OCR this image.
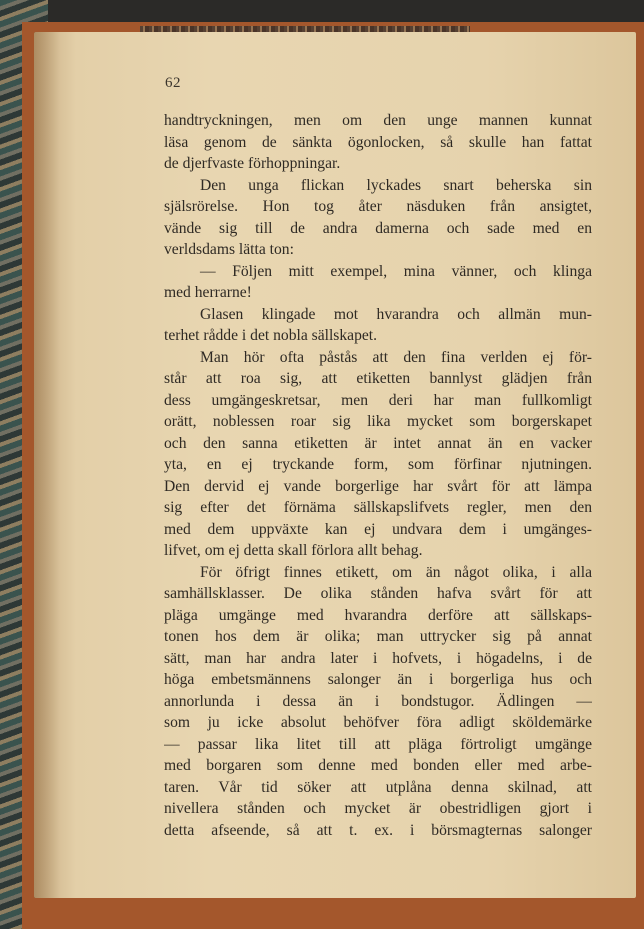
62
handtryckningen, men om den unge mannen kunnat
läsa genom de sänkta ögonlocken, så skulle han fattat
de djerfvaste förhoppningar.
Den unga flickan lyckades snart beherska sin
själsrörelse. Hon tog åter näsduken från ansigtet,
vände sig till de andra damerna och sade med en
verldsdams lätta ton:
— Följen mitt exempel, mina vänner, och klinga
med herrarne!
Glasen klingade mot hvarandra och allmän mun-
terhet rådde i det nobla sällskapet.
Man hör ofta påstås att den fina verlden ej för-
står att roa sig, att etiketten bannlyst glädjen från
dess umgängeskretsar, men deri har man fullkomligt
orätt, noblessen roar sig lika mycket som borgerskapet
och den sanna etiketten är intet annat än en vacker
yta, en ej tryckande form, som förfinar njutningen.
Den dervid ej vande borgerlige har svårt för att lämpa
sig efter det förnäma sällskapslifvets regler, men den
med dem uppväxte kan ej undvara dem i umgänges-
lifvet, om ej detta skall förlora allt behag.
För öfrigt finnes etikett, om än något olika, i alla
samhällsklasser. De olika stånden hafva svårt för att
pläga umgänge med hvarandra derföre att sällskaps-
tonen hos dem är olika; man uttrycker sig på annat
sätt, man har andra later i hofvets, i högadelns, i de
höga embetsmännens salonger än i borgerliga hus och
annorlunda i dessa än i bondstugor. Ädlingen —
som ju icke absolut behöfver föra adligt sköldemärke
— passar lika litet till att pläga förtroligt umgänge
med borgaren som denne med bonden eller med arbe-
taren. Vår tid söker att utplåna denna skilnad, att
nivellera stånden och mycket är obestridligen gjort i
detta afseende, så att t. ex. i börsmagternas salonger
